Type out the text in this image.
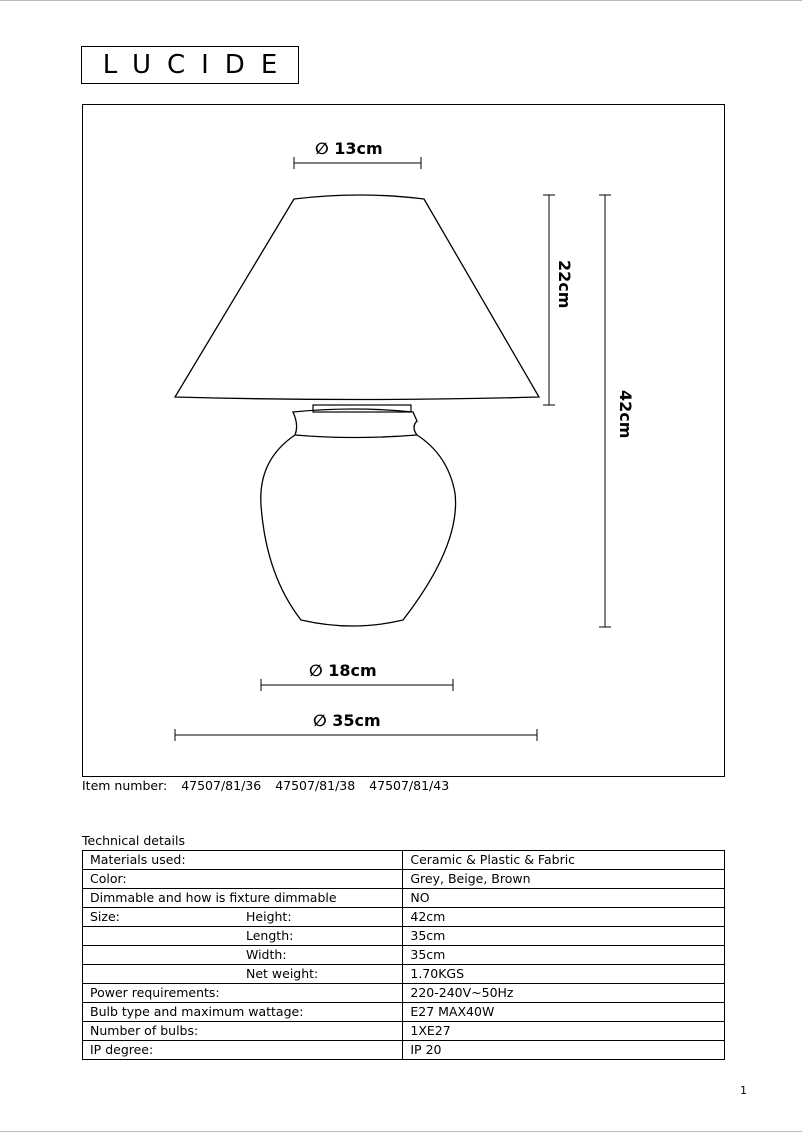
LUCIDE
∅ 13cm
22cm
42cm
∅ 18cm
∅ 35cm
Item number: 47507/81/36 47507/81/38 47507/81/43
Technical details
Materials used:	Ceramic & Plastic & Fabric
Color:	Grey, Beige, Brown
Dimmable and how is fixture dimmable	NO
Size: Height:	42cm

Length:	35cm

Width:	35cm

Net weight:	1.70KGS
Power requirements:	220-240V~50Hz
Bulb type and maximum wattage:	E27 MAX40W
Number of bulbs:	1XE27
IP degree:	IP 20
1
